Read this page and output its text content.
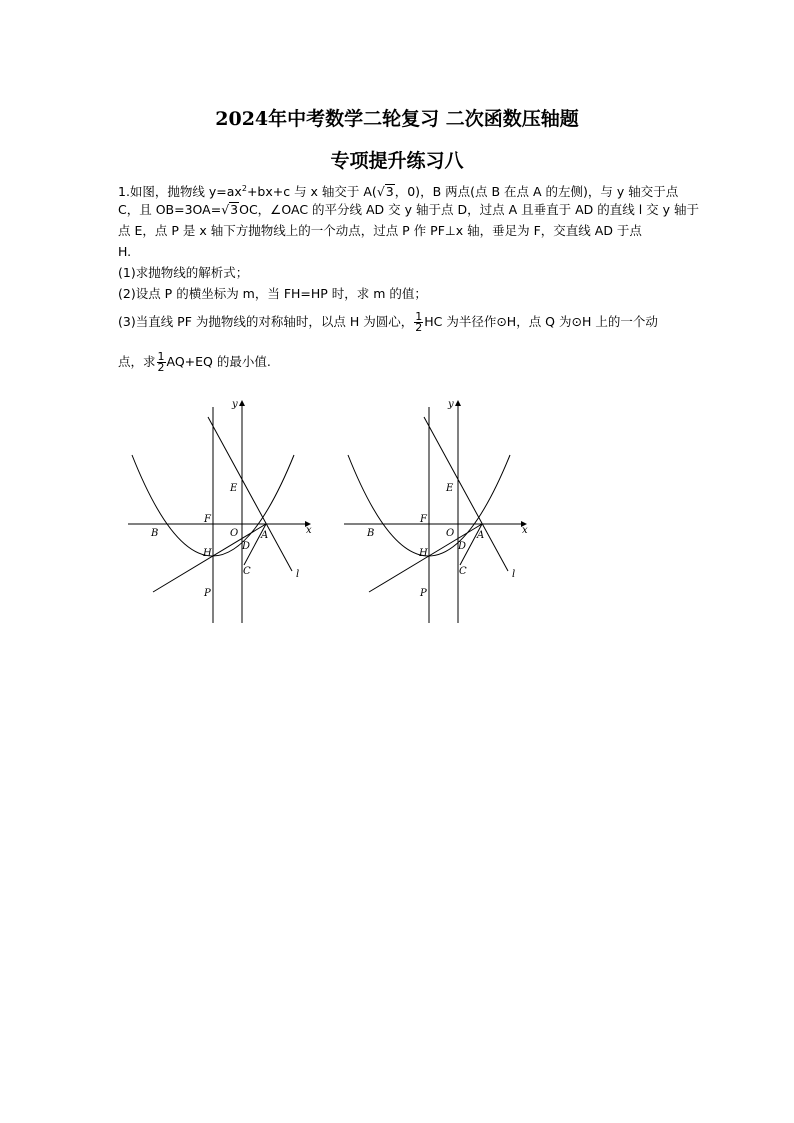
2024年中考数学二轮复习 二次函数压轴题
专项提升练习八
1.如图，抛物线 $y=ax^2+bx+c$ 与 x 轴交于 A(√3，0)，B 两点(点 B 在点 A 的左侧)，与 y 轴交于点
C，且 OB=3OA=√3OC，∠OAC 的平分线 AD 交 y 轴于点 D，过点 A 且垂直于 AD 的直线 l 交 y 轴于
点 E，点 P 是 x 轴下方抛物线上的一个动点，过点 P 作 PF⊥x 轴，垂足为 F，交直线 AD 于点
H.
(1)求抛物线的解析式；
(2)设点 P 的横坐标为 m，当 FH=HP 时，求 m 的值；
(3)当直线 PF 为抛物线的对称轴时，以点 H 为圆心， $\frac{1}{2}$ HC 为半径作⊙H，点 Q 为⊙H 上的一个动
点，求 $\frac{1}{2} AQ+EQ$ 的最小值.
y
x
E
F
O A
B
D
H
C
P
l
y
x
E
F
O A
B
D
H
C
P
l
